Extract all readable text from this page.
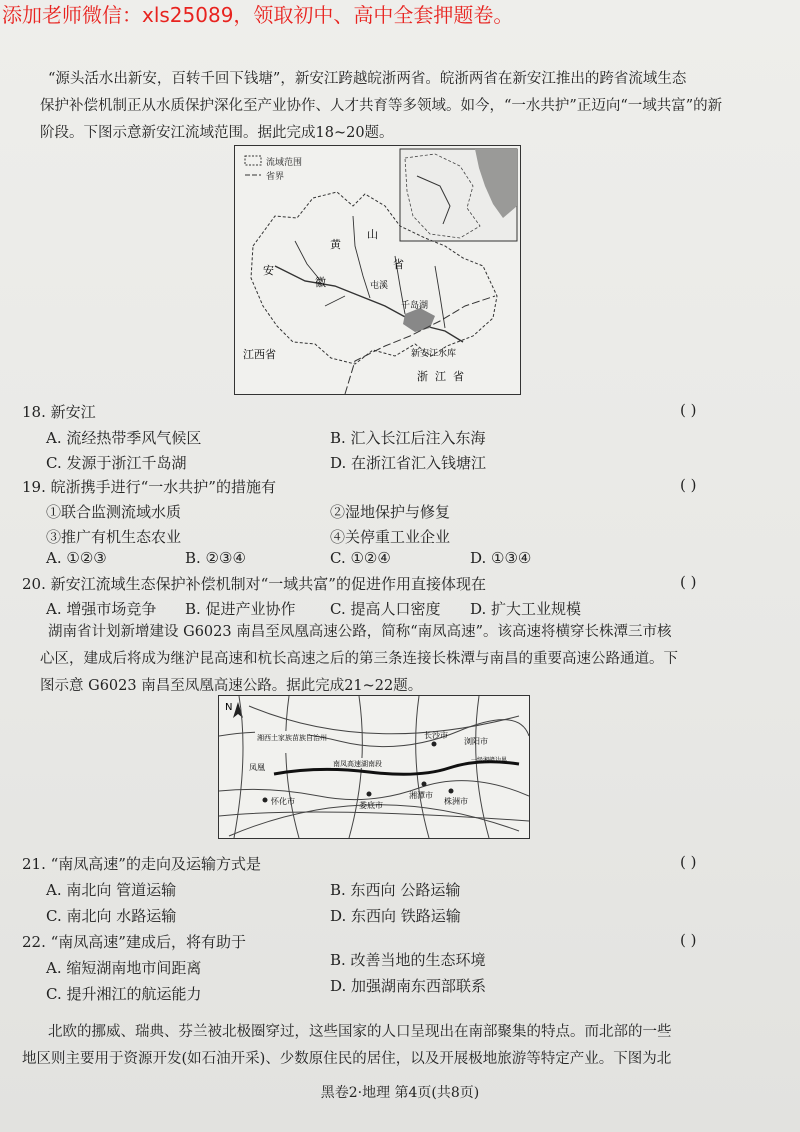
添加老师微信：xls25089，领取初中、高中全套押题卷。
“源头活水出新安，百转千回下钱塘”，新安江跨越皖浙两省。皖浙两省在新安江推出的跨省流域生态
保护补偿机制正从水质保护深化至产业协作、人才共育等多领域。如今，“一水共护”正迈向“一域共富”的新
阶段。下图示意新安江流域范围。据此完成18~20题。
流域范围
省界
黄
山
安
徽
省
屯溪
千岛湖
新安江水库
江西省
浙 江 省
18. 新安江	( )
A. 流经热带季风气候区	B. 汇入长江后注入东海
C. 发源于浙江千岛湖	D. 在浙江省汇入钱塘江
19. 皖浙携手进行“一水共护”的措施有	( )
①联合监测流域水质	②湿地保护与修复
③推广有机生态农业	④关停重工业企业
A. ①②③	B. ②③④	C. ①②④	D. ①③④
20. 新安江流域生态保护补偿机制对“一域共富”的促进作用直接体现在	( )
A. 增强市场竞争 B. 促进产业协作 C. 提高人口密度 D. 扩大工业规模
湖南省计划新增建设 G6023 南昌至凤凰高速公路，简称“南凤高速”。该高速将横穿长株潭三市核
心区，建成后将成为继沪昆高速和杭长高速之后的第三条连接长株潭与南昌的重要高速公路通道。下
图示意 G6023 南昌至凤凰高速公路。据此完成21~22题。
N
湘西土家族苗族自治州
凤凰
怀化市
南凤高速湖南段
长沙市
浏阳市
湘潭市
株洲市
娄底市
一级湘赣边界
21. “南凤高速”的走向及运输方式是	( )
A. 南北向 管道运输	B. 东西向 公路运输
C. 南北向 水路运输	D. 东西向 铁路运输
22. “南凤高速”建成后，将有助于	( )
A. 缩短湖南地市间距离	B. 改善当地的生态环境
C. 提升湘江的航运能力	D. 加强湖南东西部联系
北欧的挪威、瑞典、芬兰被北极圈穿过，这些国家的人口呈现出在南部聚集的特点。而北部的一些
地区则主要用于资源开发(如石油开采)、少数原住民的居住，以及开展极地旅游等特定产业。下图为北
黑卷2·地理 第4页(共8页)
